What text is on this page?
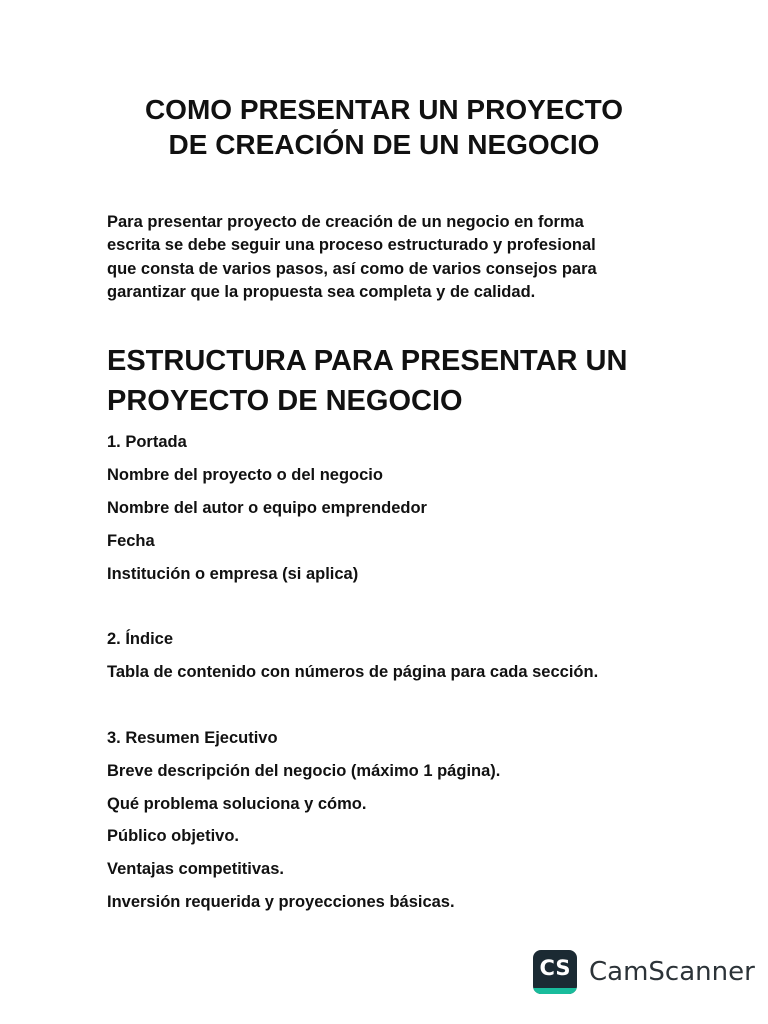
COMO PRESENTAR UN PROYECTO
DE CREACIÓN DE UN NEGOCIO

Para presentar proyecto de creación de un negocio en forma
escrita se debe seguir una proceso estructurado y profesional
que consta de varios pasos, así como de varios consejos para
garantizar que la propuesta sea completa y de calidad.

ESTRUCTURA PARA PRESENTAR UN
PROYECTO DE NEGOCIO

1. Portada

Nombre del proyecto o del negocio

Nombre del autor o equipo emprendedor

Fecha

Institución o empresa (si aplica)

2. Índice

Tabla de contenido con números de página para cada sección.

3. Resumen Ejecutivo

Breve descripción del negocio (máximo 1 página).

Qué problema soluciona y cómo.

Público objetivo.

Ventajas competitivas.

Inversión requerida y proyecciones básicas.

CS CamScanner
